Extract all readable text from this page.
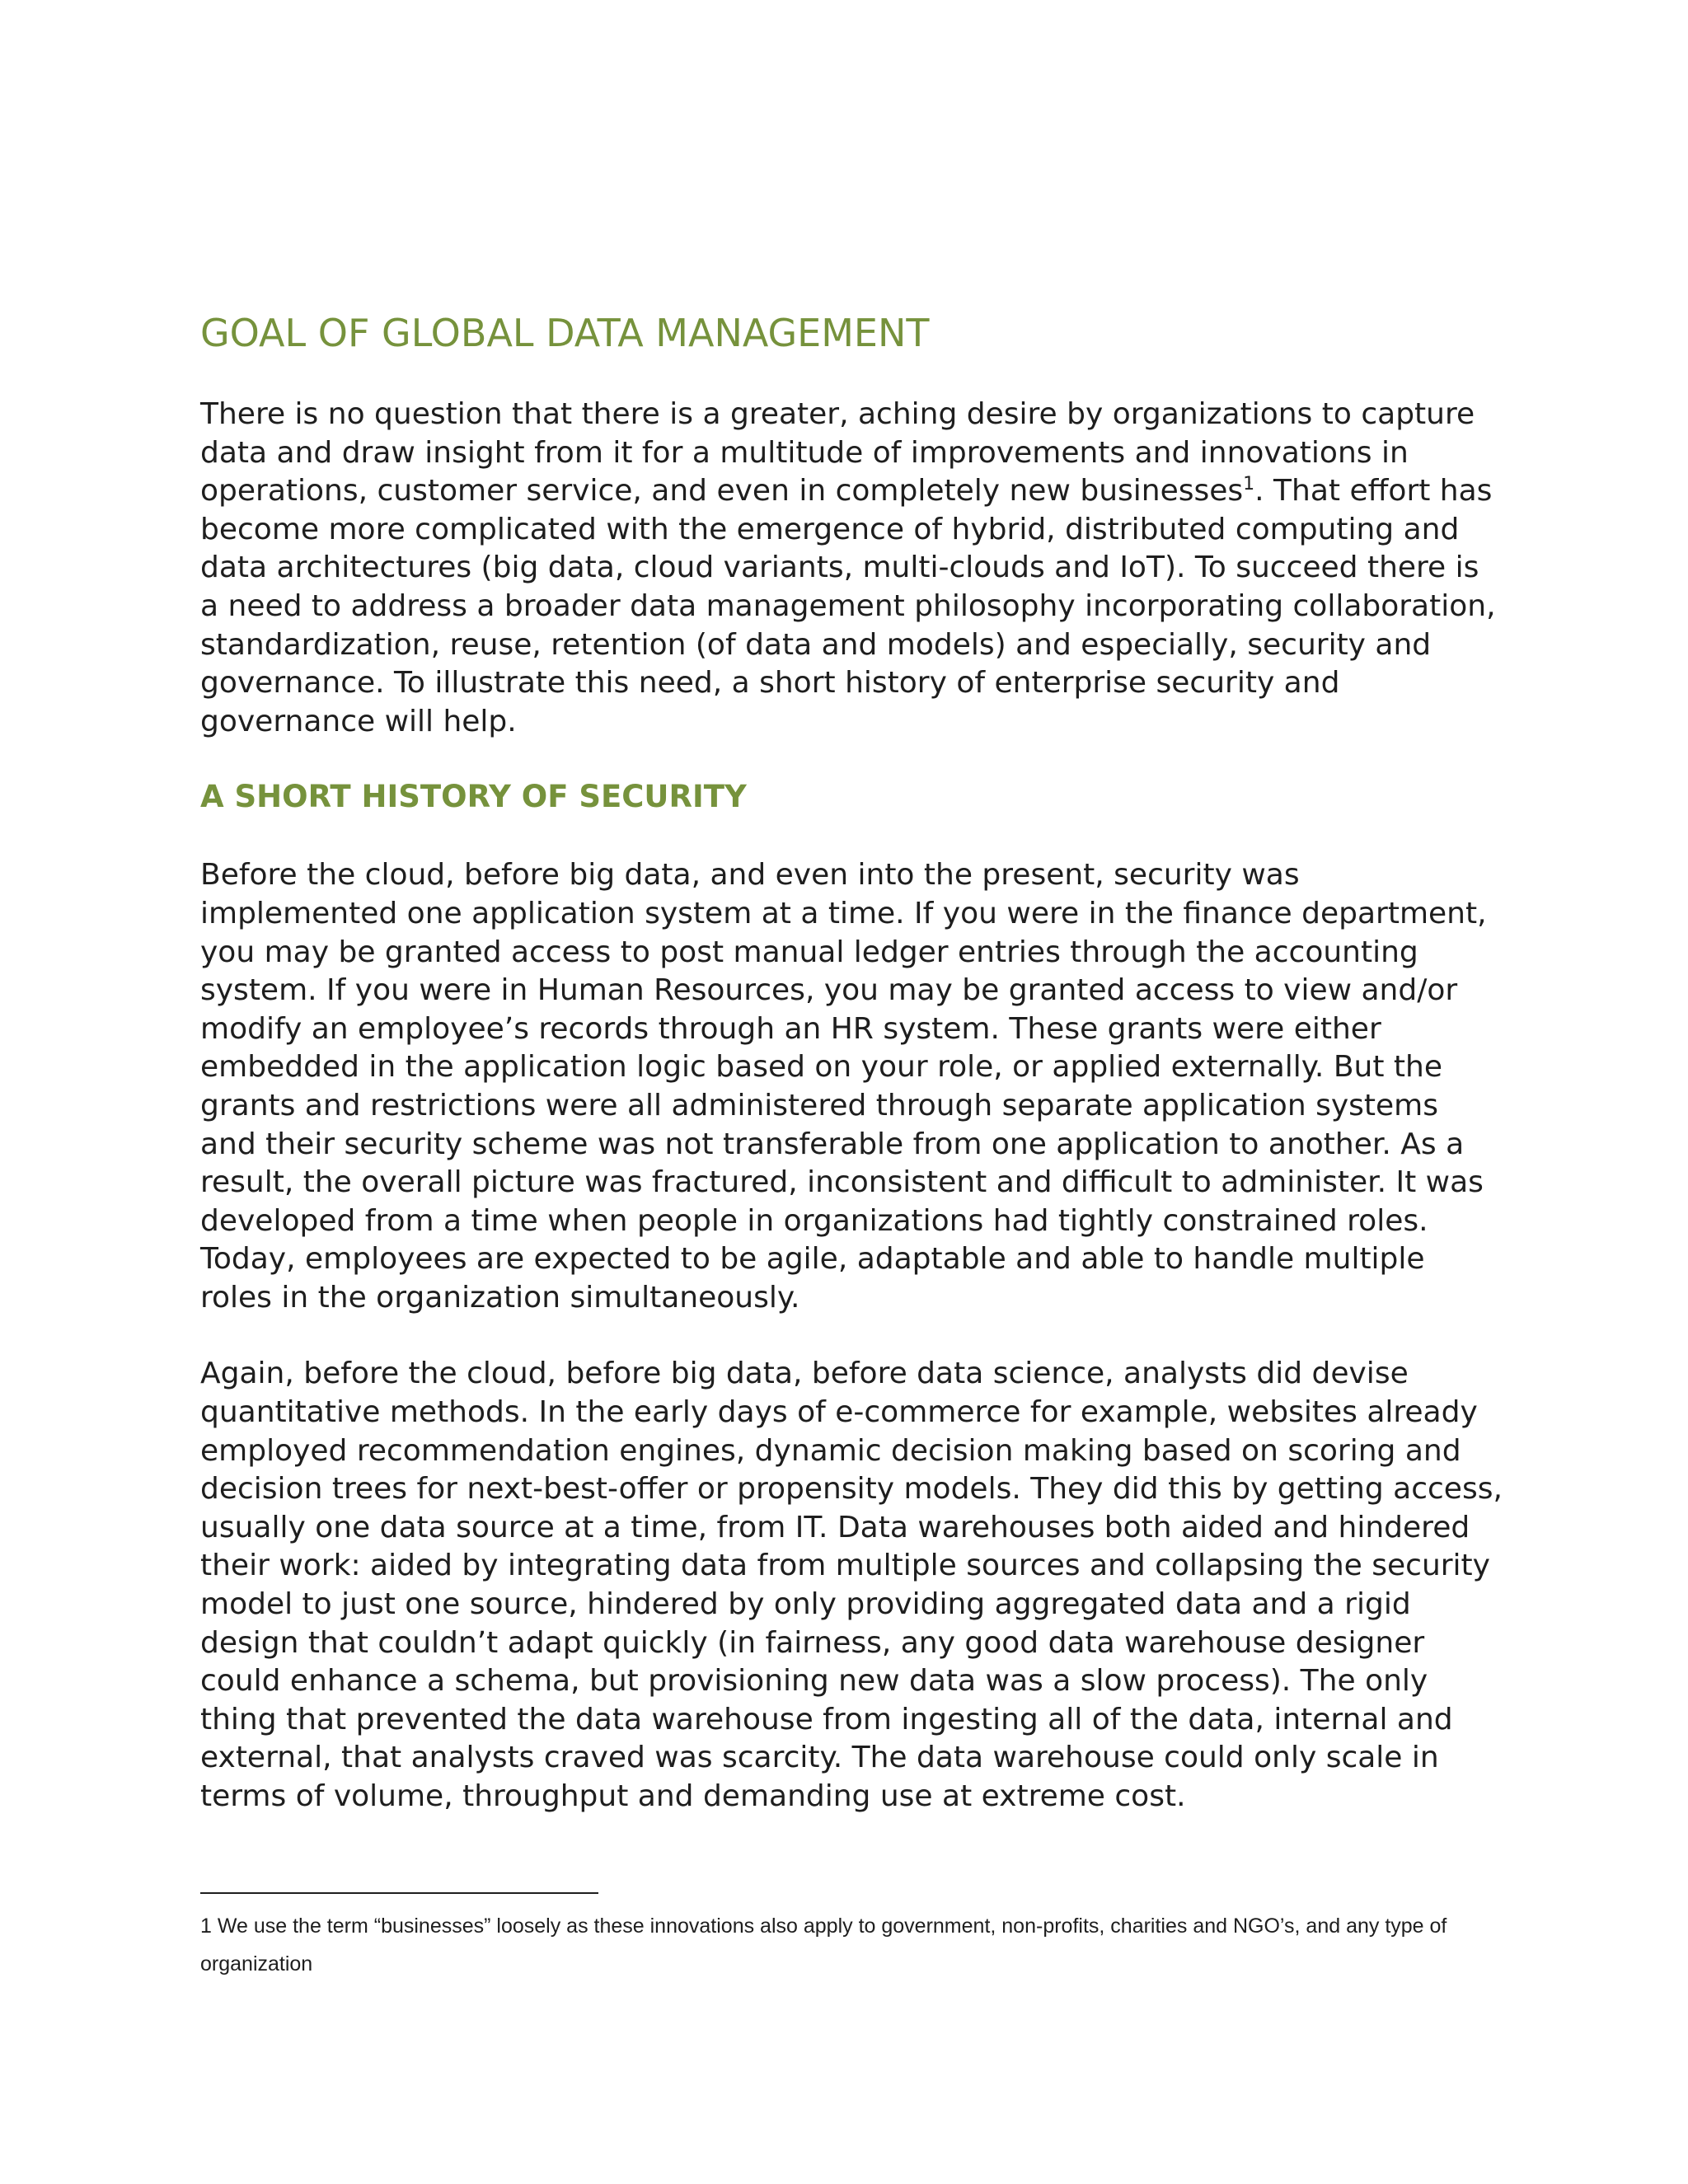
GOAL OF GLOBAL DATA MANAGEMENT

There is no question that there is a greater, aching desire by organizations to capture data and draw insight from it for a multitude of improvements and innovations in operations, customer service, and even in completely new businesses$^1$. That effort has become more complicated with the emergence of hybrid, distributed computing and data architectures (big data, cloud variants, multi-clouds and IoT). To succeed there is a need to address a broader data management philosophy incorporating collaboration, standardization, reuse, retention (of data and models) and especially, security and governance. To illustrate this need, a short history of enterprise security and governance will help.

A SHORT HISTORY OF SECURITY

Before the cloud, before big data, and even into the present, security was implemented one application system at a time. If you were in the finance department, you may be granted access to post manual ledger entries through the accounting system. If you were in Human Resources, you may be granted access to view and/or modify an employee’s records through an HR system. These grants were either embedded in the application logic based on your role, or applied externally. But the grants and restrictions were all administered through separate application systems and their security scheme was not transferable from one application to another. As a result, the overall picture was fractured, inconsistent and difficult to administer. It was developed from a time when people in organizations had tightly constrained roles. Today, employees are expected to be agile, adaptable and able to handle multiple roles in the organization simultaneously.

Again, before the cloud, before big data, before data science, analysts did devise quantitative methods. In the early days of e-commerce for example, websites already employed recommendation engines, dynamic decision making based on scoring and decision trees for next-best-offer or propensity models. They did this by getting access, usually one data source at a time, from IT. Data warehouses both aided and hindered their work: aided by integrating data from multiple sources and collapsing the security model to just one source, hindered by only providing aggregated data and a rigid design that couldn’t adapt quickly (in fairness, any good data warehouse designer could enhance a schema, but provisioning new data was a slow process). The only thing that prevented the data warehouse from ingesting all of the data, internal and external, that analysts craved was scarcity. The data warehouse could only scale in terms of volume, throughput and demanding use at extreme cost.

1 We use the term “businesses” loosely as these innovations also apply to government, non-profits, charities and NGO’s, and any type of organization
